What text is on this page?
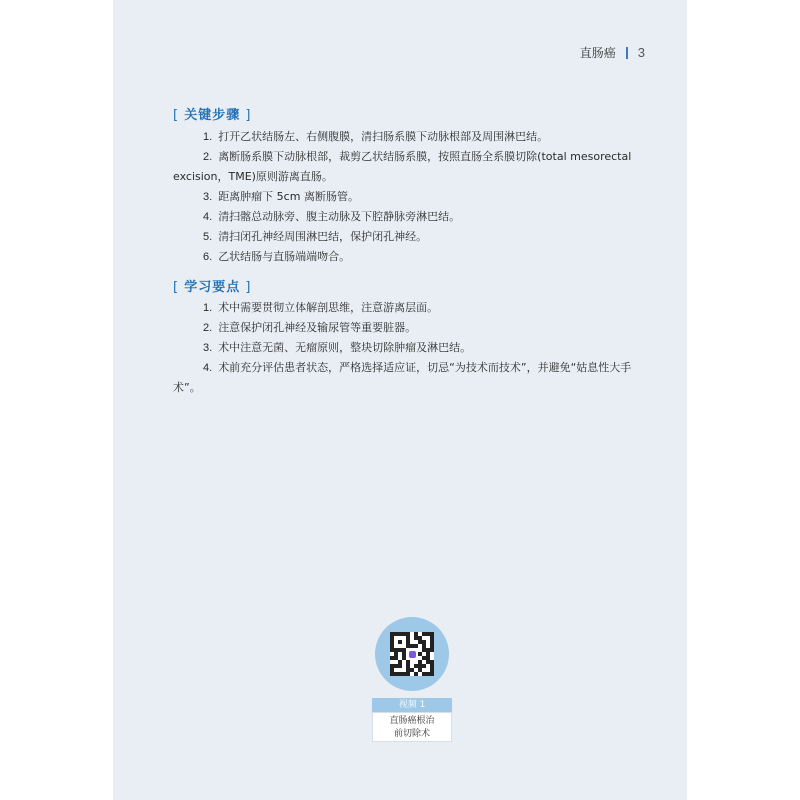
直肠癌 3
[ 关键步骤 ]
1. 打开乙状结肠左、右侧腹膜，清扫肠系膜下动脉根部及周围淋巴结。
2. 离断肠系膜下动脉根部，裁剪乙状结肠系膜，按照直肠全系膜切除(total mesorectal excision，TME)原则游离直肠。
3. 距离肿瘤下 5cm 离断肠管。
4. 清扫髂总动脉旁、腹主动脉及下腔静脉旁淋巴结。
5. 清扫闭孔神经周围淋巴结，保护闭孔神经。
6. 乙状结肠与直肠端端吻合。
[ 学习要点 ]
1. 术中需要贯彻立体解剖思维，注意游离层面。
2. 注意保护闭孔神经及输尿管等重要脏器。
3. 术中注意无菌、无瘤原则，整块切除肿瘤及淋巴结。
4. 术前充分评估患者状态，严格选择适应证，切忌“为技术而技术”，并避免“姑息性大手术”。
视频 1
直肠癌根治
前切除术
